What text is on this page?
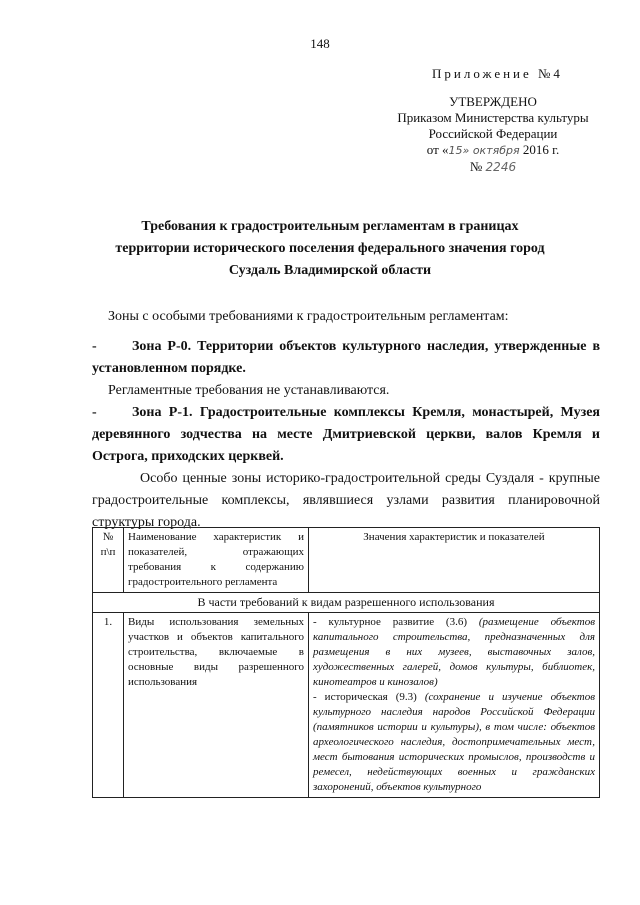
148
Приложение №4
УТВЕРЖДЕНО
Приказом Министерства культуры
Российской Федерации
от «15» октября 2016 г.
№ 2246
Требования к градостроительным регламентам в границах территории исторического поселения федерального значения город Суздаль Владимирской области

Зоны с особыми требованиями к градостроительным регламентам:

-	Зона Р-0. Территории объектов культурного наследия, утвержденные в установленном порядке.

Регламентные требования не устанавливаются.

-	Зона Р-1. Градостроительные комплексы Кремля, монастырей, Музея деревянного зодчества на месте Дмитриевской церкви, валов Кремля и Острога, приходских церквей.

Особо ценные зоны историко-градостроительной среды Суздаля - крупные градостроительные комплексы, являвшиеся узлами развития планировочной структуры города.

№ п\п	Наименование характеристик и показателей, отражающих требования к содержанию градостроительного регламента	Значения характеристик и показателей
В части требований к видам разрешенного использования		
1.	Виды использования земельных участков и объектов капитального строительства, включаемые в основные виды разрешенного использования	- культурное развитие (3.6) (размещение объектов капитального строительства, предназначенных для размещения в них музеев, выставочных залов, художественных галерей, домов культуры, библиотек, кинотеатров и кинозалов)

- историческая (9.3) (сохранение и изучение объектов культурного наследия народов Российской Федерации (памятников истории и культуры), в том числе: объектов археологического наследия, достопримечательных мест, мест бытования исторических промыслов, производств и ремесел, недействующих военных и гражданских захоронений, объектов культурного
